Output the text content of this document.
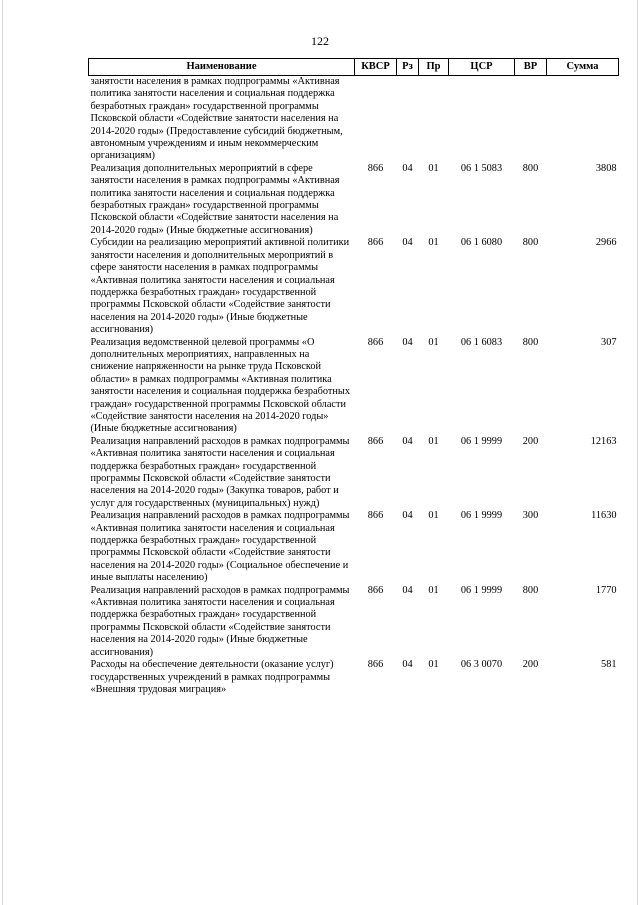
122
Наименование	КВСР	Рз	Пр	ЦСР	ВР	Сумма
занятости населения в рамках подпрограммы «Активная политика занятости населения и социальная поддержка безработных граждан» государственной программы Псковской области «Содействие занятости населения на 2014-2020 годы» (Предоставление субсидий бюджетным, автономным учреждениям и иным некоммерческим организациям)						
Реализация дополнительных мероприятий в сфере занятости населения в рамках подпрограммы «Активная политика занятости населения и социальная поддержка безработных граждан» государственной программы Псковской области «Содействие занятости населения на 2014-2020 годы» (Иные бюджетные ассигнования)	866	04	01	06 1 5083	800	3808
Субсидии на реализацию мероприятий активной политики занятости населения и дополнительных мероприятий в сфере занятости населения в рамках подпрограммы «Активная политика занятости населения и социальная поддержка безработных граждан» государственной программы Псковской области «Содействие занятости населения на 2014-2020 годы» (Иные бюджетные ассигнования)	866	04	01	06 1 6080	800	2966
Реализация ведомственной целевой программы «О дополнительных мероприятиях, направленных на снижение напряженности на рынке труда Псковской области» в рамках подпрограммы «Активная политика занятости населения и социальная поддержка безработных граждан» государственной программы Псковской области «Содействие занятости населения на 2014-2020 годы» (Иные бюджетные ассигнования)	866	04	01	06 1 6083	800	307
Реализация направлений расходов в рамках подпрограммы «Активная политика занятости населения и социальная поддержка безработных граждан» государственной программы Псковской области «Содействие занятости населения на 2014-2020 годы» (Закупка товаров, работ и услуг для государственных (муниципальных) нужд)	866	04	01	06 1 9999	200	12163
Реализация направлений расходов в рамках подпрограммы «Активная политика занятости населения и социальная поддержка безработных граждан» государственной программы Псковской области «Содействие занятости населения на 2014-2020 годы» (Социальное обеспечение и иные выплаты населению)	866	04	01	06 1 9999	300	11630
Реализация направлений расходов в рамках подпрограммы «Активная политика занятости населения и социальная поддержка безработных граждан» государственной программы Псковской области «Содействие занятости населения на 2014-2020 годы» (Иные бюджетные ассигнования)	866	04	01	06 1 9999	800	1770
Расходы на обеспечение деятельности (оказание услуг) государственных учреждений в рамках подпрограммы «Внешняя трудовая миграция»	866	04	01	06 3 0070	200	581
